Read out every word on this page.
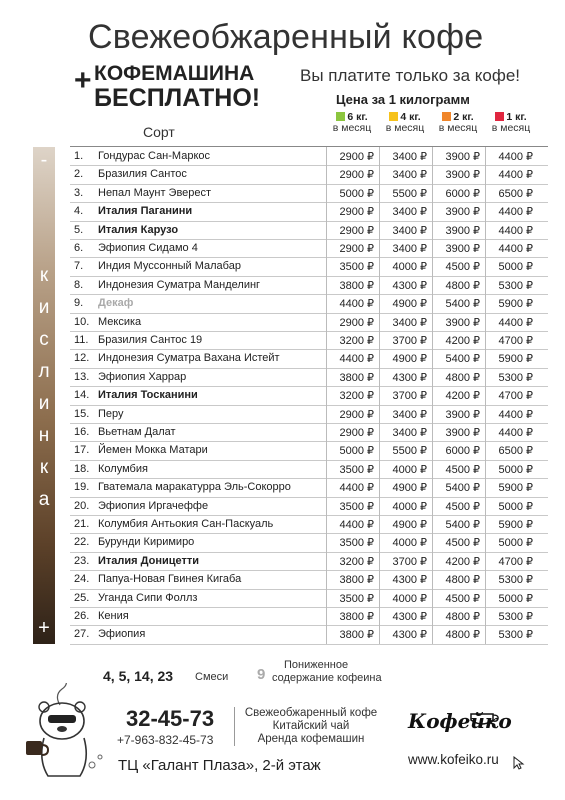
Свежеобжаренный кофе
+ КОФЕМАШИНА
БЕСПЛАТНО!
Вы платите только за кофе!
Цена за 1 килограмм
Сорт
6 кг.
в месяц
4 кг.
в месяц
2 кг.
в месяц
1 кг.
в месяц
-
к
и
с
л
и
н
к
а
+
1. Гондурас Сан-Маркос	2900 ₽	3400 ₽	3900 ₽	4400 ₽
2. Бразилия Сантос	2900 ₽	3400 ₽	3900 ₽	4400 ₽
3. Непал Маунт Эверест	5000 ₽	5500 ₽	6000 ₽	6500 ₽
4. Италия Паганини	2900 ₽	3400 ₽	3900 ₽	4400 ₽
5. Италия Карузо	2900 ₽	3400 ₽	3900 ₽	4400 ₽
6. Эфиопия Сидамо 4	2900 ₽	3400 ₽	3900 ₽	4400 ₽
7. Индия Муссонный Малабар	3500 ₽	4000 ₽	4500 ₽	5000 ₽
8. Индонезия Суматра Манделинг	3800 ₽	4300 ₽	4800 ₽	5300 ₽
9. Декаф	4400 ₽	4900 ₽	5400 ₽	5900 ₽
10. Мексика	2900 ₽	3400 ₽	3900 ₽	4400 ₽
11. Бразилия Сантос 19	3200 ₽	3700 ₽	4200 ₽	4700 ₽
12. Индонезия Суматра Вахана Истейт	4400 ₽	4900 ₽	5400 ₽	5900 ₽
13. Эфиопия Харрар	3800 ₽	4300 ₽	4800 ₽	5300 ₽
14. Италия Тосканини	3200 ₽	3700 ₽	4200 ₽	4700 ₽
15. Перу	2900 ₽	3400 ₽	3900 ₽	4400 ₽
16. Вьетнам Далат	2900 ₽	3400 ₽	3900 ₽	4400 ₽
17. Йемен Мокка Матари	5000 ₽	5500 ₽	6000 ₽	6500 ₽
18. Колумбия	3500 ₽	4000 ₽	4500 ₽	5000 ₽
19. Гватемала маракатурра Эль-Сокорро	4400 ₽	4900 ₽	5400 ₽	5900 ₽
20. Эфиопия Иргачеффе	3500 ₽	4000 ₽	4500 ₽	5000 ₽
21. Колумбия Антьокия Сан-Паскуаль	4400 ₽	4900 ₽	5400 ₽	5900 ₽
22. Бурунди Киримиро	3500 ₽	4000 ₽	4500 ₽	5000 ₽
23. Италия Доницетти	3200 ₽	3700 ₽	4200 ₽	4700 ₽
24. Папуа-Новая Гвинея Кигаба	3800 ₽	4300 ₽	4800 ₽	5300 ₽
25. Уганда Сипи Фоллз	3500 ₽	4000 ₽	4500 ₽	5000 ₽
26. Кения	3800 ₽	4300 ₽	4800 ₽	5300 ₽
27. Эфиопия	3800 ₽	4300 ₽	4800 ₽	5300 ₽
4, 5, 14, 23 Смеси 9
Пониженное
содержание кофеина
32-45-73
+7-963-832-45-73
Свежеобжаренный кофе
Китайский чай
Аренда кофемашин
ТЦ «Галант Плаза», 2-й этаж
Кофейко
www.kofeiko.ru
